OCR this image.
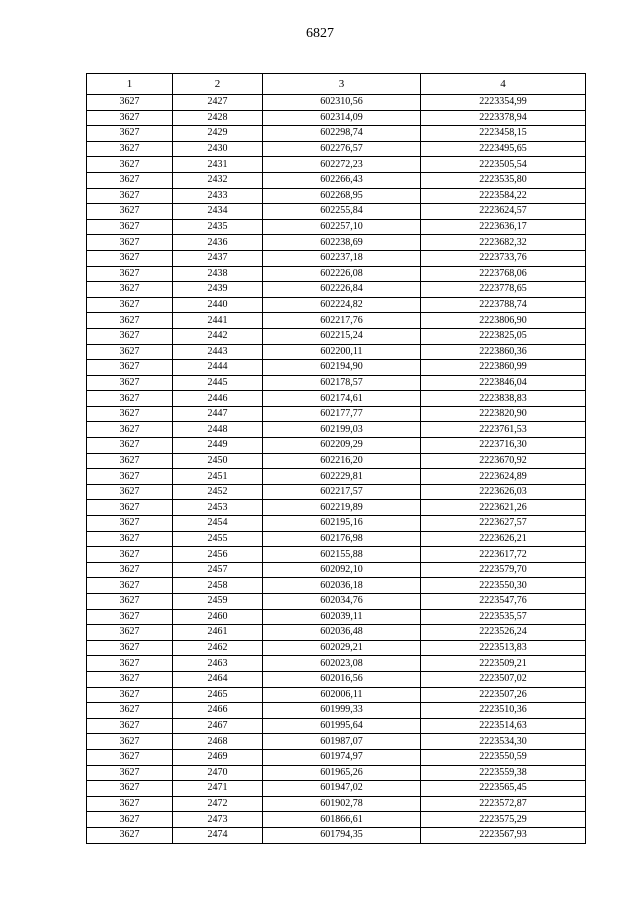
6827
1	2	3	4
3627	2427	602310,56	2223354,99
3627	2428	602314,09	2223378,94
3627	2429	602298,74	2223458,15
3627	2430	602276,57	2223495,65
3627	2431	602272,23	2223505,54
3627	2432	602266,43	2223535,80
3627	2433	602268,95	2223584,22
3627	2434	602255,84	2223624,57
3627	2435	602257,10	2223636,17
3627	2436	602238,69	2223682,32
3627	2437	602237,18	2223733,76
3627	2438	602226,08	2223768,06
3627	2439	602226,84	2223778,65
3627	2440	602224,82	2223788,74
3627	2441	602217,76	2223806,90
3627	2442	602215,24	2223825,05
3627	2443	602200,11	2223860,36
3627	2444	602194,90	2223860,99
3627	2445	602178,57	2223846,04
3627	2446	602174,61	2223838,83
3627	2447	602177,77	2223820,90
3627	2448	602199,03	2223761,53
3627	2449	602209,29	2223716,30
3627	2450	602216,20	2223670,92
3627	2451	602229,81	2223624,89
3627	2452	602217,57	2223626,03
3627	2453	602219,89	2223621,26
3627	2454	602195,16	2223627,57
3627	2455	602176,98	2223626,21
3627	2456	602155,88	2223617,72
3627	2457	602092,10	2223579,70
3627	2458	602036,18	2223550,30
3627	2459	602034,76	2223547,76
3627	2460	602039,11	2223535,57
3627	2461	602036,48	2223526,24
3627	2462	602029,21	2223513,83
3627	2463	602023,08	2223509,21
3627	2464	602016,56	2223507,02
3627	2465	602006,11	2223507,26
3627	2466	601999,33	2223510,36
3627	2467	601995,64	2223514,63
3627	2468	601987,07	2223534,30
3627	2469	601974,97	2223550,59
3627	2470	601965,26	2223559,38
3627	2471	601947,02	2223565,45
3627	2472	601902,78	2223572,87
3627	2473	601866,61	2223575,29
3627	2474	601794,35	2223567,93
